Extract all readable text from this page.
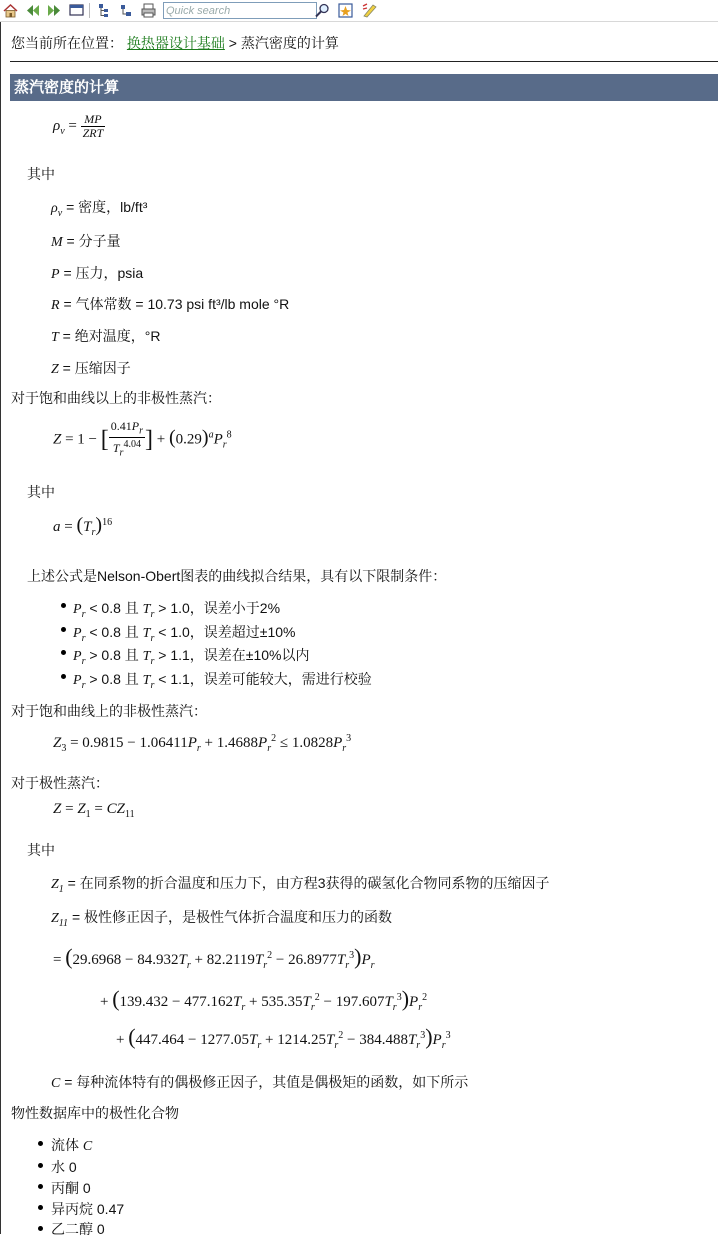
Quick search
您当前所在位置： 换热器设计基础 > 蒸汽密度的计算
蒸汽密度的计算
$\rho_v = \frac{MP}{\text{ZRT}}$
其中
$\rho_v$ = 密度，lb/ft³
M = 分子量
P = 压力，psia
R = 气体常数 = 10.73 psi ft³/lb mole °R
T = 绝对温度，°R
Z = 压缩因子
对于饱和曲线以上的非极性蒸汽：
Z = 1 − [ $\frac{0.41P_r}{T_r^{4.04}}$ ] + $(0.29)^aP_r^8$
其中
$a = (T_r)^{16}$
上述公式是Nelson-Obert图表的曲线拟合结果，具有以下限制条件：
$P_r < 0.8$ 且 $T_r > 1.0$，误差小于2%
$P_r < 0.8$ 且 $T_r < 1.0$，误差超过±10%
$P_r > 0.8$ 且 $T_r > 1.1$，误差在±10%以内
$P_r > 0.8$ 且 $T_r < 1.1$，误差可能较大，需进行校验
对于饱和曲线上的非极性蒸汽：
$Z_3 = 0.9815 - 1.06411P_r + 1.4688P_r^2 \le 1.0828P_r^3$
对于极性蒸汽：
$Z = Z_1 = CZ_{11}$
其中
$Z_1$ = 在同系物的折合温度和压力下，由方程3获得的碳氢化合物同系物的压缩因子
$Z_{11}$ = 极性修正因子，是极性气体折合温度和压力的函数
= $(29.6968 - 84.932T_r + 82.2119T_r^2 - 26.8977T_r^3)P_r$
+ $(139.432 - 477.162T_r + 535.35T_r^2 - 197.607T_r^3)P_r^2$
+ $(447.464 - 1277.05T_r + 1214.25T_r^2 - 384.488T_r^3)P_r^3$
C = 每种流体特有的偶极修正因子，其值是偶极矩的函数，如下所示
物性数据库中的极性化合物
流体 C
水 0
丙酮 0
异丙烷 0.47
乙二醇 0
